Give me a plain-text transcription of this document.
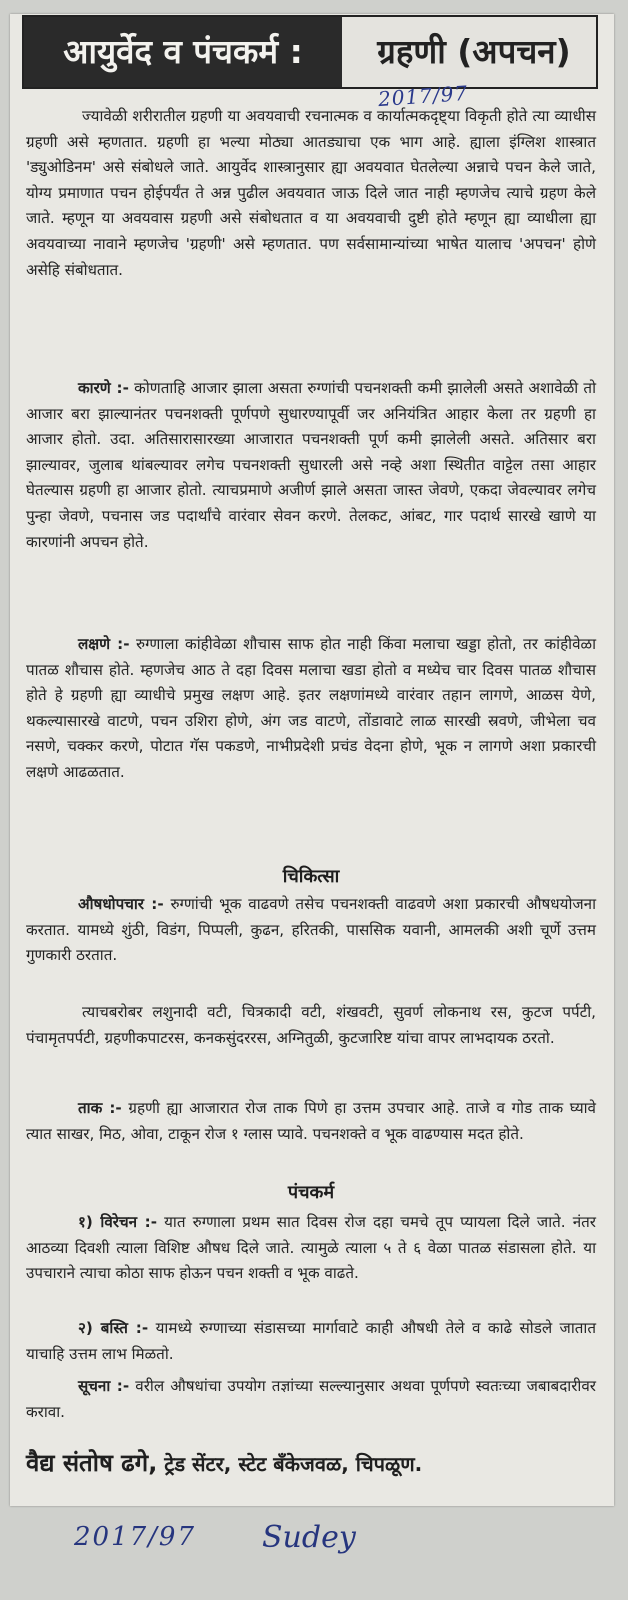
आयुर्वेद व पंचकर्म :	ग्रहणी (अपचन)
2017/97
ज्यावेळी शरीरातील ग्रहणी या अवयवाची रचनात्मक व कार्यात्मकदृष्ट्या विकृती होते त्या व्याधीस ग्रहणी असे म्हणतात. ग्रहणी हा भल्या मोठ्या आतड्याचा एक भाग आहे. ह्याला इंग्लिश शास्त्रात 'ड्युओडिनम' असे संबोधले जाते. आयुर्वेद शास्त्रानुसार ह्या अवयवात घेतलेल्या अन्नाचे पचन केले जाते, योग्य प्रमाणात पचन होईपर्यंत ते अन्न पुढील अवयवात जाऊ दिले जात नाही म्हणजेच त्याचे ग्रहण केले जाते. म्हणून या अवयवास ग्रहणी असे संबोधतात व या अवयवाची दुष्टी होते म्हणून ह्या व्याधीला ह्या अवयवाच्या नावाने म्हणजेच 'ग्रहणी' असे म्हणतात. पण सर्वसामान्यांच्या भाषेत यालाच 'अपचन' होणे असेहि संबोधतात.
कारणे :- कोणताहि आजार झाला असता रुग्णांची पचनशक्ती कमी झालेली असते अशावेळी तो आजार बरा झाल्यानंतर पचनशक्ती पूर्णपणे सुधारण्यापूर्वी जर अनियंत्रित आहार केला तर ग्रहणी हा आजार होतो. उदा. अतिसारासारख्या आजारात पचनशक्ती पूर्ण कमी झालेली असते. अतिसार बरा झाल्यावर, जुलाब थांबल्यावर लगेच पचनशक्ती सुधारली असे नव्हे अशा स्थितीत वाट्टेल तसा आहार घेतल्यास ग्रहणी हा आजार होतो. त्याचप्रमाणे अजीर्ण झाले असता जास्त जेवणे, एकदा जेवल्यावर लगेच पुन्हा जेवणे, पचनास जड पदार्थांचे वारंवार सेवन करणे. तेलकट, आंबट, गार पदार्थ सारखे खाणे या कारणांनी अपचन होते.
लक्षणे :- रुग्णाला कांहीवेळा शौचास साफ होत नाही किंवा मलाचा खड्डा होतो, तर कांहीवेळा पातळ शौचास होते. म्हणजेच आठ ते दहा दिवस मलाचा खडा होतो व मध्येच चार दिवस पातळ शौचास होते हे ग्रहणी ह्या व्याधीचे प्रमुख लक्षण आहे. इतर लक्षणांमध्ये वारंवार तहान लागणे, आळस येणे, थकल्यासारखे वाटणे, पचन उशिरा होणे, अंग जड वाटणे, तोंडावाटे लाळ सारखी स्रवणे, जीभेला चव नसणे, चक्कर करणे, पोटात गॅस पकडणे, नाभीप्रदेशी प्रचंड वेदना होणे, भूक न लागणे अशा प्रकारची लक्षणे आढळतात.
चिकित्सा
औषधोपचार :- रुग्णांची भूक वाढवणे तसेच पचनशक्ती वाढवणे अशा प्रकारची औषधयोजना करतात. यामध्ये शुंठी, विडंग, पिप्पली, कुढन, हरितकी, पाससिक यवानी, आमलकी अशी चूर्णे उत्तम गुणकारी ठरतात.
त्याचबरोबर लशुनादी वटी, चित्रकादी वटी, शंखवटी, सुवर्ण लोकनाथ रस, कुटज पर्पटी, पंचामृतपर्पटी, ग्रहणीकपाटरस, कनकसुंदररस, अग्नितुळी, कुटजारिष्ट यांचा वापर लाभदायक ठरतो.
ताक :- ग्रहणी ह्या आजारात रोज ताक पिणे हा उत्तम उपचार आहे. ताजे व गोड ताक घ्यावे त्यात साखर, मिठ, ओवा, टाकून रोज १ ग्लास प्यावे. पचनशक्ते व भूक वाढण्यास मदत होते.
पंचकर्म
१) विरेचन :- यात रुग्णाला प्रथम सात दिवस रोज दहा चमचे तूप प्यायला दिले जाते. नंतर आठव्या दिवशी त्याला विशिष्ट औषध दिले जाते. त्यामुळे त्याला ५ ते ६ वेळा पातळ संडासला होते. या उपचाराने त्याचा कोठा साफ होऊन पचन शक्ती व भूक वाढते.
२) बस्ति :- यामध्ये रुग्णाच्या संडासच्या मार्गावाटे काही औषधी तेले व काढे सोडले जातात याचाहि उत्तम लाभ मिळतो.
सूचना :- वरील औषधांचा उपयोग तज्ञांच्या सल्ल्यानुसार अथवा पूर्णपणे स्वतःच्या जबाबदारीवर करावा.
वैद्य संतोष ढगे, ट्रेड सेंटर, स्टेट बँकेजवळ, चिपळूण.
2017/97 Sudey
